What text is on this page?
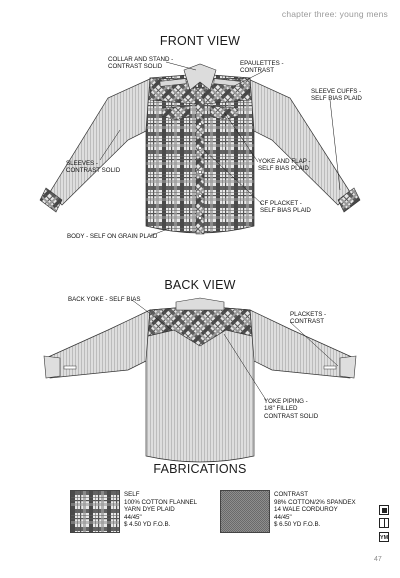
chapter three: young mens
FRONT VIEW
COLLAR AND STAND -
CONTRAST SOLID	EPAULETTES -
CONTRAST
SLEEVE CUFFS -
SELF BIAS PLAID
SLEEVES -
CONTRAST SOLID
YOKE AND FLAP -
SELF BIAS PLAID
CF PLACKET -
SELF BIAS PLAID
BODY - SELF ON GRAIN PLAID
BACK VIEW
BACK YOKE - SELF BIAS
PLACKETS -
CONTRAST
YOKE PIPING -
1/8" FILLED
CONTRAST SOLID
FABRICATIONS
SELF
100% COTTON FLANNEL
YARN DYE PLAID
44/45"
$ 4.50 YD F.O.B.
CONTRAST
98% COTTON/2% SPANDEX
14 WALE CORDUROY
44/45"
$ 6.50 YD F.O.B.
YM
47
